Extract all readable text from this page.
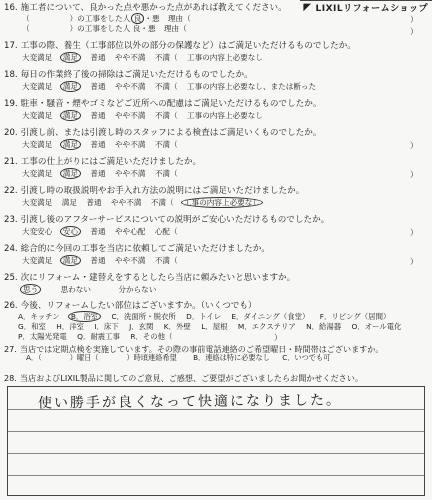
◤ LIXILリフォームショップ
16. 施工者について、良かった点や悪かった点があれば教えてください。
（	）の工事をした人 良 ・悪 理由（	）
（	）の工事をした人 良・悪 理由（	）
17. 工事の際、養生（工事部位以外の部分の保護など）はご満足いただけるものでしたか。
大変満足 満足 普通 やや不満 不満（ 工事の内容上必要なし
18. 毎日の作業終了後の掃除はご満足いただけるものでしたか。
大変満足 満足 普通 やや不満 不満（ 工事の内容上必要なし、または断った
19. 駐車・騒音・煙やゴミなどご近所への配慮はご満足いただけるものでしたか。
大変満足 満足 普通 やや不満 不満（ 工事の内容上必要なし
20. 引渡し前、または引渡し時のスタッフによる検査はご満足いくものでしたか。
大変満足 満足 普通 やや不満 不満（	）
21. 工事の仕上がりにはご満足いただけましたか。
大変満足 満足 普通 やや不満 不満（	）
22. 引渡し時の取扱説明やお手入れ方法の説明にはご満足いただけましたか。
大変満足 満足 普通 やや不満 不満（ 工事の内容上必要なし
23. 引渡し後のアフターサービスについての説明がご安心いただけるものでしたか。
大変安心 安心 普通 やや心配 心配（	）
24. 総合的に今回の工事を当店に依頼してご満足いただけましたか。
大変満足 満足 普通 やや不満 不満（	）
25. 次にリフォーム・建替えをするとしたら当店に頼みたいと思いますか。
思う	思わない	分からない
26. 今後、リフォームしたい部位はございますか。（いくつでも）
A．キッチン B．浴室 C．洗面所・脱衣所 D．トイレ E．ダイニング（食堂） F．リビング（居間）
G．和室 H．洋室 I．床下 J．玄関 K．外壁 L．屋根 M．エクステリア N．給湯器 O．オール電化
P．太陽光発電 Q．耐震工事 R．その他（	）
27. 当店では定期点検を実施しています。その際の事前電話連絡のご希望曜日・時間帯はございますか。
A．（	）曜日（	）時頃連絡希望 B．連絡は特に必要なし C．いつでも可
28. 当店およびLIXIL製品に関してのご意見、ご感想、ご要望がございましたらお聞かせください。
使い勝手が良くなって快適になりました。
